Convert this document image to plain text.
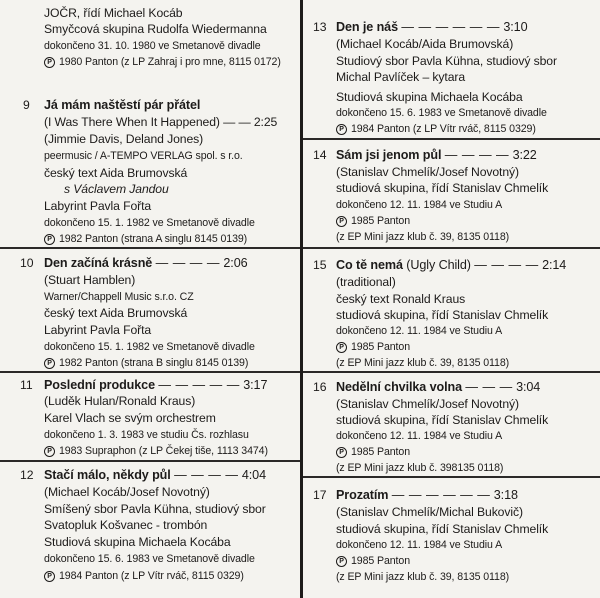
JOČR, řídí Michael Kocáb
Smyčcová skupina Rudolfa Wiedermanna
dokončeno 31. 10. 1980 ve Smetanově divadle
P 1980 Panton (z LP Zahraj i pro mne, 8115 0172)
9 Já mám naštěstí pár přátel
(I Was There When It Happened) — — 2:25
(Jimmie Davis, Deland Jones)
peermusic / A-TEMPO VERLAG spol. s r.o.
český text Aida Brumovská
s Václavem Jandou
Labyrint Pavla Fořta
dokončeno 15. 1. 1982 ve Smetanově divadle
P 1982 Panton (strana A singlu 8145 0139)
10 Den začíná krásně — — — — 2:06
(Stuart Hamblen)
Warner/Chappell Music s.r.o. CZ
český text Aida Brumovská
Labyrint Pavla Fořta
dokončeno 15. 1. 1982 ve Smetanově divadle
P 1982 Panton (strana B singlu 8145 0139)
11 Poslední produkce — — — — — 3:17
(Luděk Hulan/Ronald Kraus)
Karel Vlach se svým orchestrem
dokončeno 1. 3. 1983 ve studiu Čs. rozhlasu
P 1983 Supraphon (z LP Čekej tiše, 1113 3474)
12 Stačí málo, někdy půl — — — — 4:04
(Michael Kocáb/Josef Novotný)
Smíšený sbor Pavla Kühna, studiový sbor
Svatopluk Košvanec - trombón
Studiová skupina Michaela Kocába
dokončeno 15. 6. 1983 ve Smetanově divadle
P 1984 Panton (z LP Vítr rváč, 8115 0329)
13 Den je náš — — — — — — 3:10
(Michael Kocáb/Aida Brumovská)
Studiový sbor Pavla Kühna, studiový sbor
Michal Pavlíček – kytara
Studiová skupina Michaela Kocába
dokončeno 15. 6. 1983 ve Smetanově divadle
P 1984 Panton (z LP Vítr rváč, 8115 0329)
14 Sám jsi jenom půl — — — — 3:22
(Stanislav Chmelík/Josef Novotný)
studiová skupina, řídí Stanislav Chmelík
dokončeno 12. 11. 1984 ve Studiu A
P 1985 Panton
(z EP Mini jazz klub č. 39, 8135 0118)
15 Co tě nemá (Ugly Child) — — — — 2:14
(traditional)
český text Ronald Kraus
studiová skupina, řídí Stanislav Chmelík
dokončeno 12. 11. 1984 ve Studiu A
P 1985 Panton
(z EP Mini jazz klub č. 39, 8135 0118)
16 Nedělní chvilka volna — — — 3:04
(Stanislav Chmelík/Josef Novotný)
studiová skupina, řídí Stanislav Chmelík
dokončeno 12. 11. 1984 ve Studiu A
P 1985 Panton
(z EP Mini jazz klub č. 398135 0118)
17 Prozatím — — — — — — 3:18
(Stanislav Chmelík/Michal Bukovič)
studiová skupina, řídí Stanislav Chmelík
dokončeno 12. 11. 1984 ve Studiu A
P 1985 Panton
(z EP Mini jazz klub č. 39, 8135 0118)
